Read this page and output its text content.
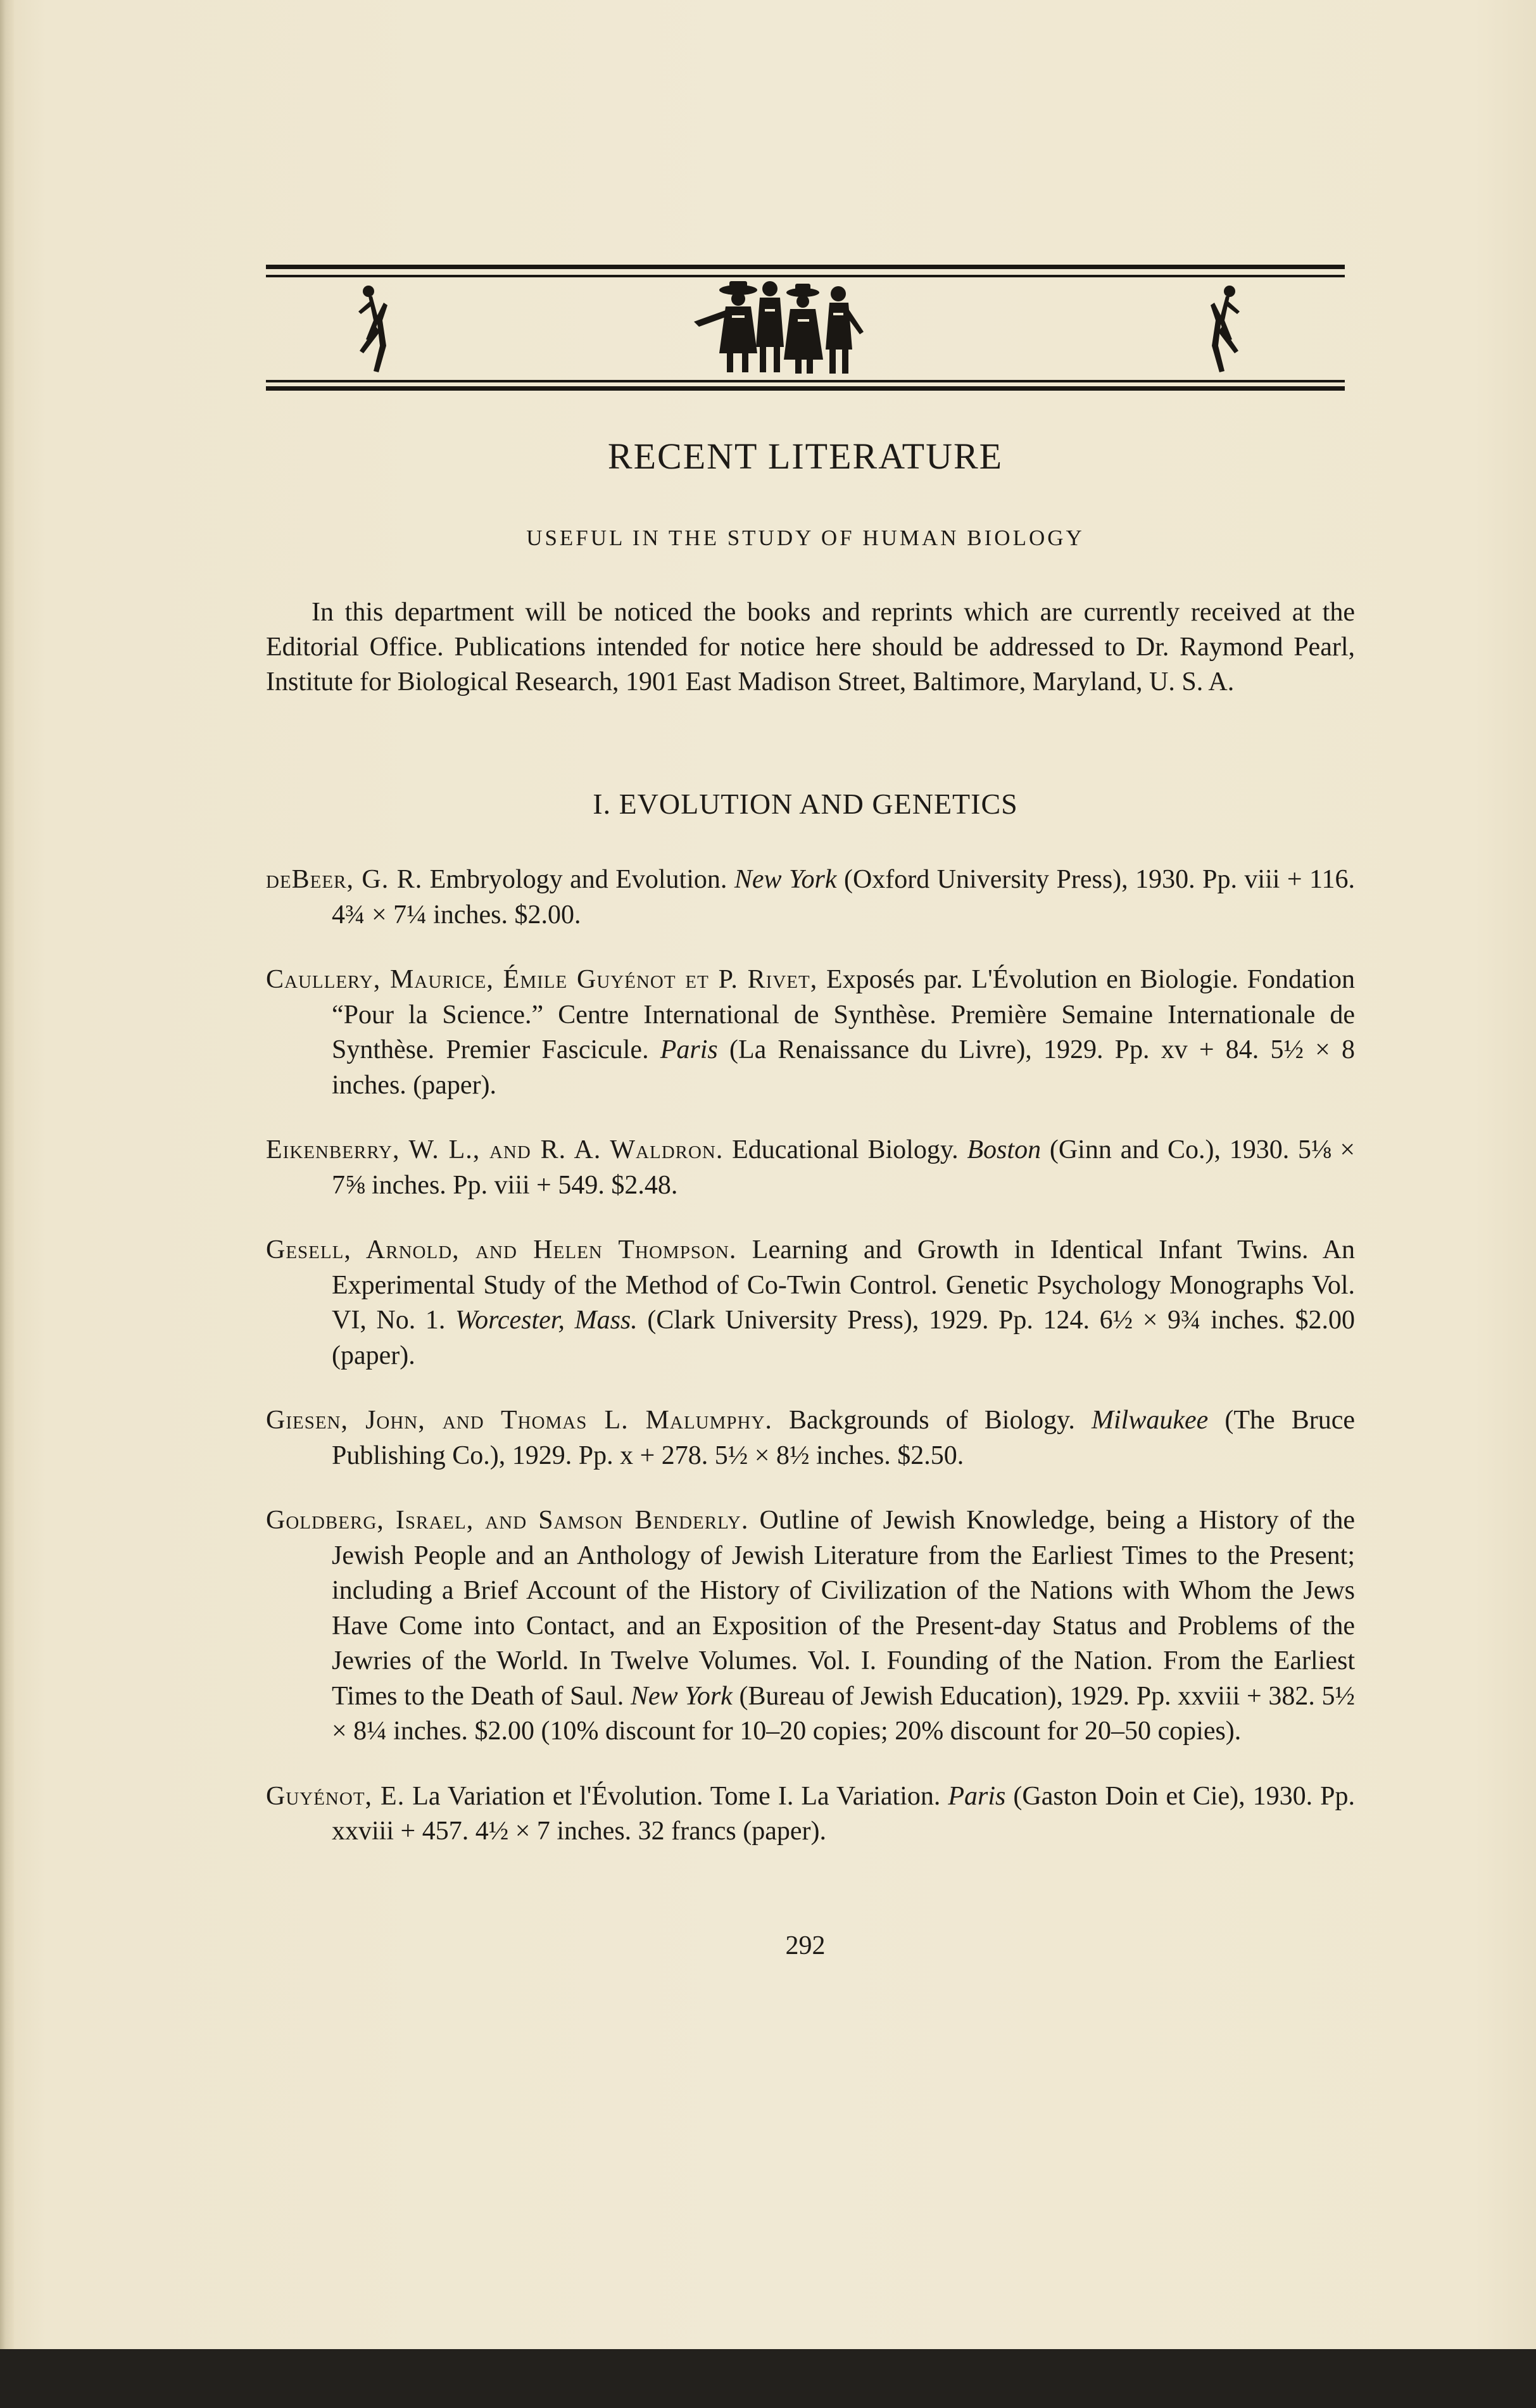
RECENT LITERATURE
USEFUL IN THE STUDY OF HUMAN BIOLOGY

In this department will be noticed the books and reprints which are currently received at the Editorial Office. Publications intended for notice here should be addressed to Dr. Raymond Pearl, Institute for Biological Research, 1901 East Madison Street, Baltimore, Maryland, U. S. A.

I. EVOLUTION AND GENETICS

deBeer, G. R. Embryology and Evolution. New York (Oxford University Press), 1930. Pp. viii + 116. 4¾ × 7¼ inches. $2.00.

Caullery, Maurice, Émile Guyénot et P. Rivet, Exposés par. L'Évolution en Biologie. Fondation “Pour la Science.” Centre International de Synthèse. Première Semaine Internationale de Synthèse. Premier Fascicule. Paris (La Renaissance du Livre), 1929. Pp. xv + 84. 5½ × 8 inches. (paper).

Eikenberry, W. L., and R. A. Waldron. Educational Biology. Boston (Ginn and Co.), 1930. 5⅛ × 7⅝ inches. Pp. viii + 549. $2.48.

Gesell, Arnold, and Helen Thompson. Learning and Growth in Identical Infant Twins. An Experimental Study of the Method of Co-Twin Control. Genetic Psychology Monographs Vol. VI, No. 1. Worcester, Mass. (Clark University Press), 1929. Pp. 124. 6½ × 9¾ inches. $2.00 (paper).

Giesen, John, and Thomas L. Malumphy. Backgrounds of Biology. Milwaukee (The Bruce Publishing Co.), 1929. Pp. x + 278. 5½ × 8½ inches. $2.50.

Goldberg, Israel, and Samson Benderly. Outline of Jewish Knowledge, being a History of the Jewish People and an Anthology of Jewish Literature from the Earliest Times to the Present; including a Brief Account of the History of Civilization of the Nations with Whom the Jews Have Come into Contact, and an Exposition of the Present-day Status and Problems of the Jewries of the World. In Twelve Volumes. Vol. I. Founding of the Nation. From the Earliest Times to the Death of Saul. New York (Bureau of Jewish Education), 1929. Pp. xxviii + 382. 5½ × 8¼ inches. $2.00 (10% discount for 10–20 copies; 20% discount for 20–50 copies).

Guyénot, E. La Variation et l'Évolution. Tome I. La Variation. Paris (Gaston Doin et Cie), 1930. Pp. xxviii + 457. 4½ × 7 inches. 32 francs (paper).

292
